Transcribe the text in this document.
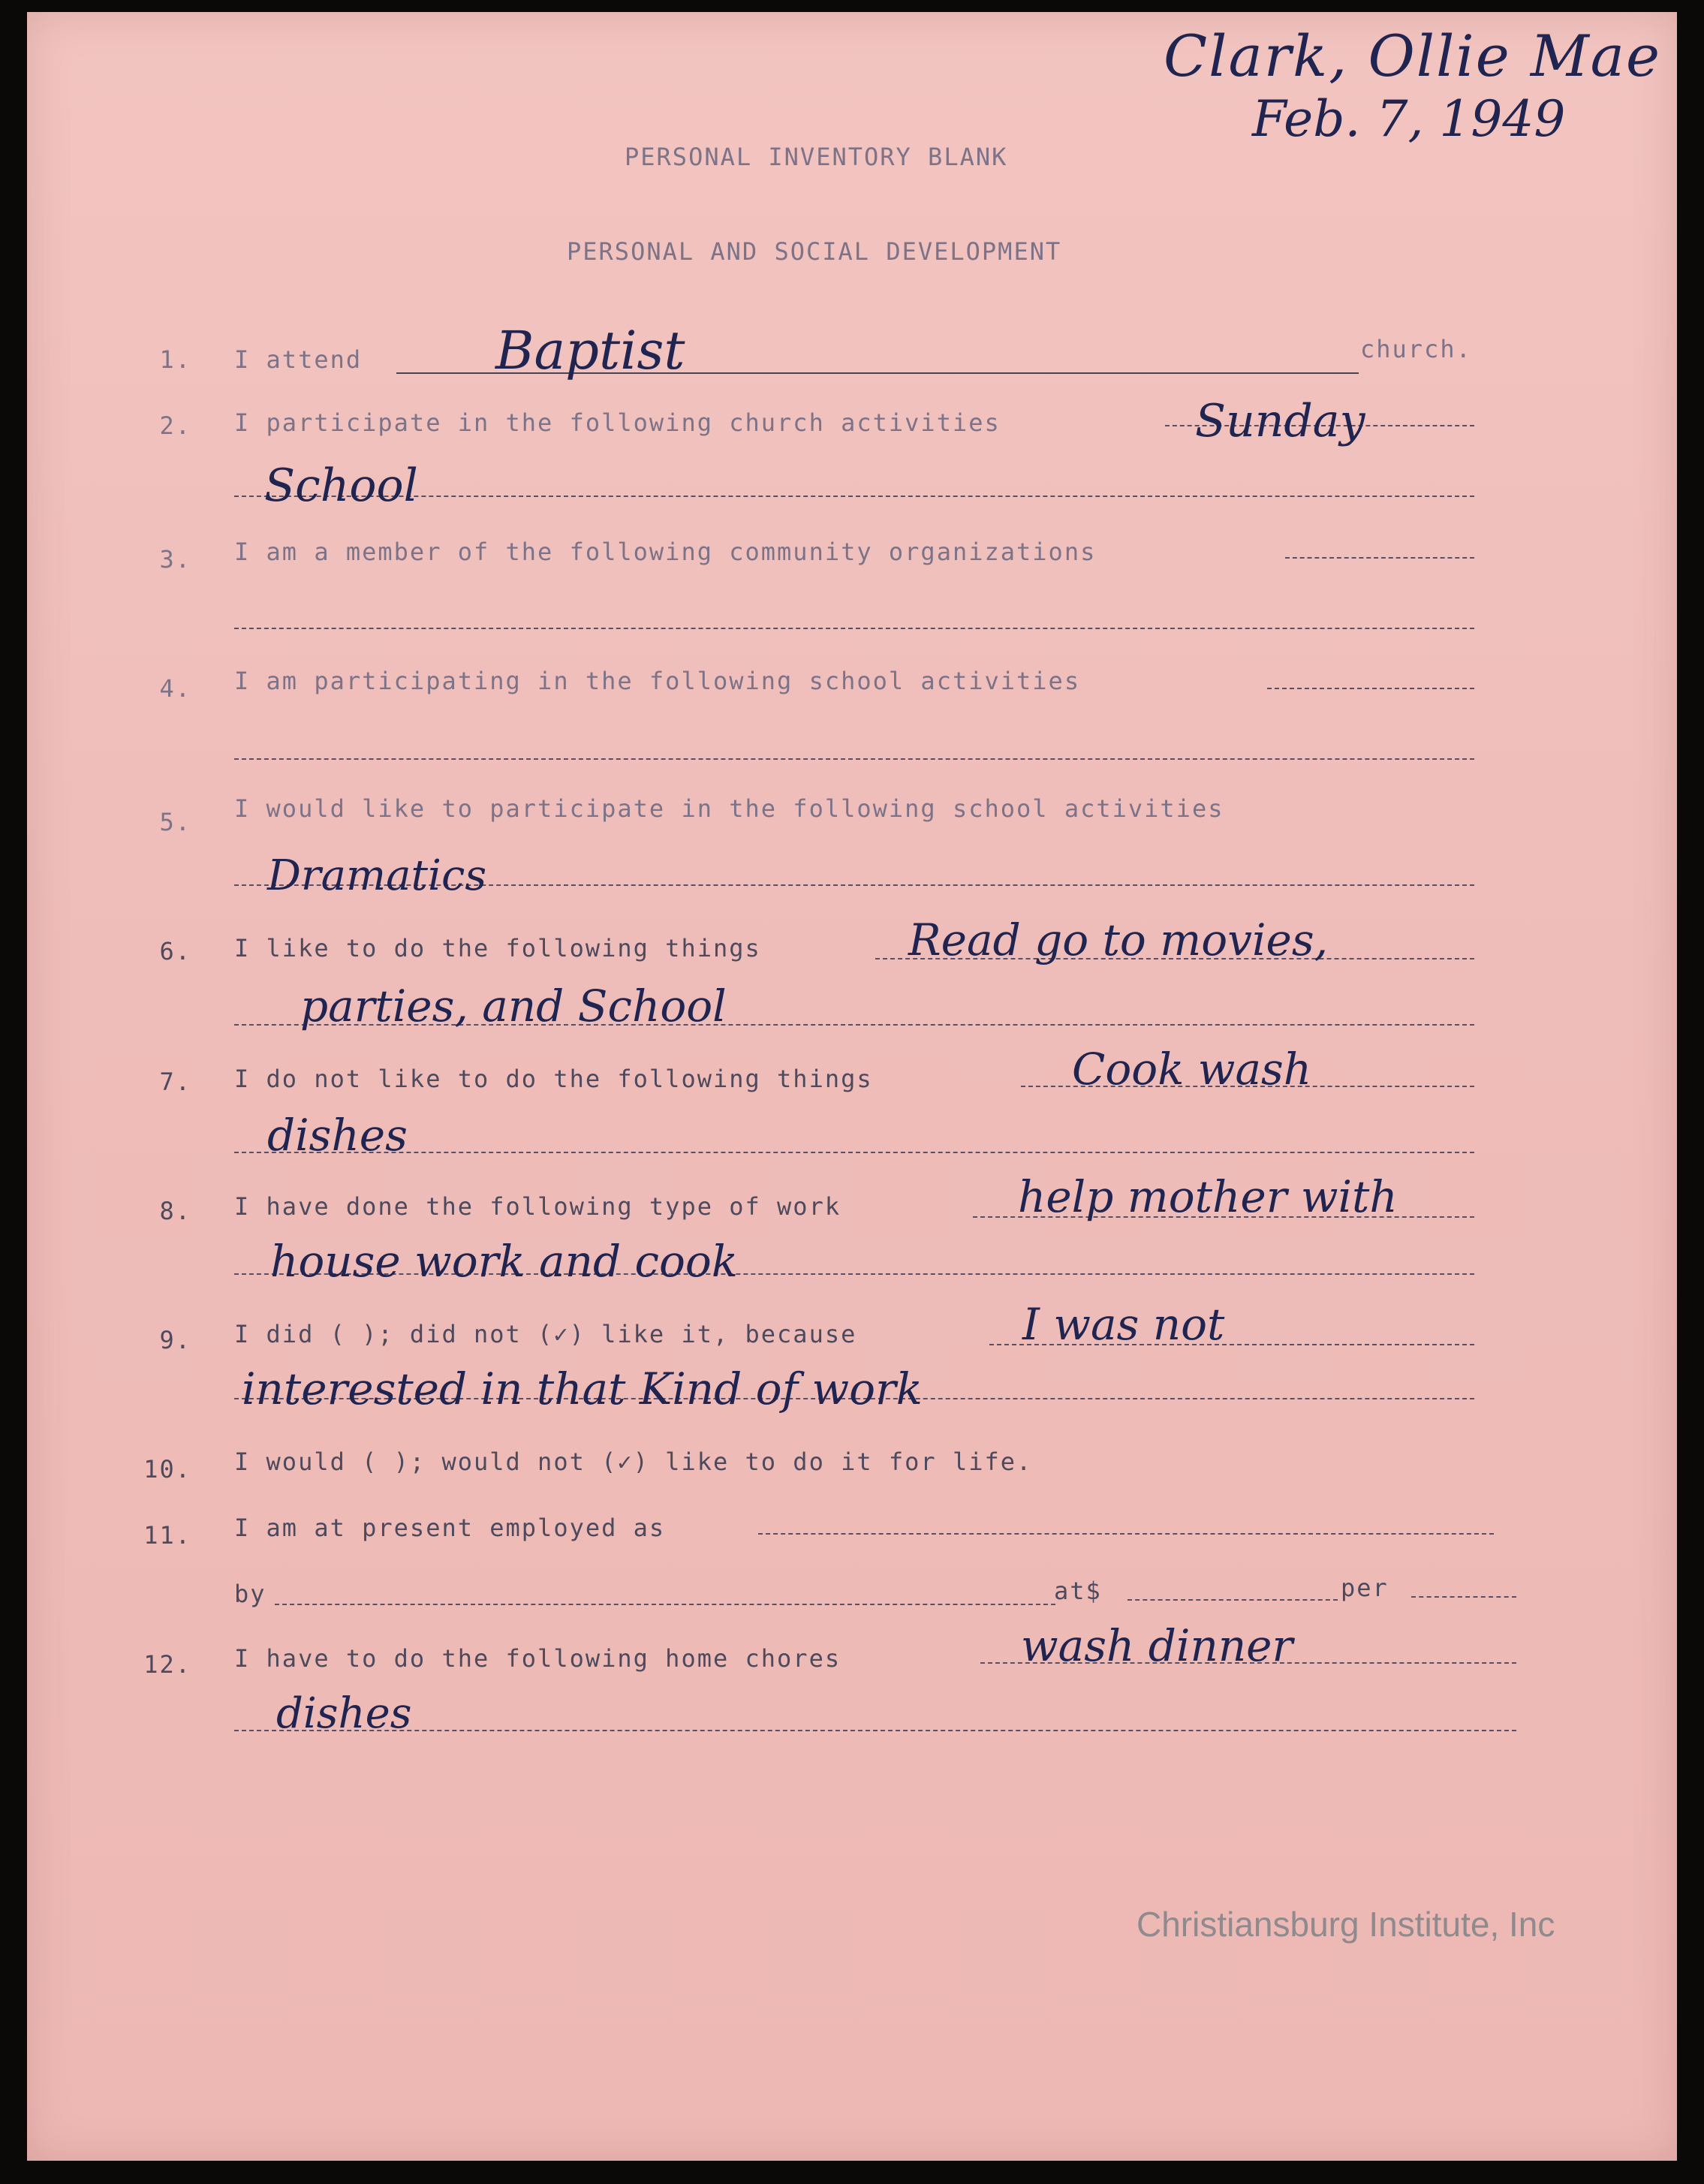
Clark, Ollie Mae
Feb. 7, 1949
PERSONAL INVENTORY BLANK
PERSONAL AND SOCIAL DEVELOPMENT
1. I attend	Baptist	church.
2. I participate in the following church activities	Sunday
School
3. I am a member of the following community organizations
4. I am participating in the following school activities
5. I would like to participate in the following school activities
Dramatics
6. I like to do the following things	Read go to movies,
parties, and School
7. I do not like to do the following things	Cook wash
dishes
8. I have done the following type of work	help mother with
house work and cook
9. I did ( ); did not (✓) like it, because	I was not
interested in that Kind of work
10. I would ( ); would not (✓) like to do it for life.
11. I am at present employed as
by	at$	per
12. I have to do the following home chores	wash dinner
dishes
Christiansburg Institute, Inc
